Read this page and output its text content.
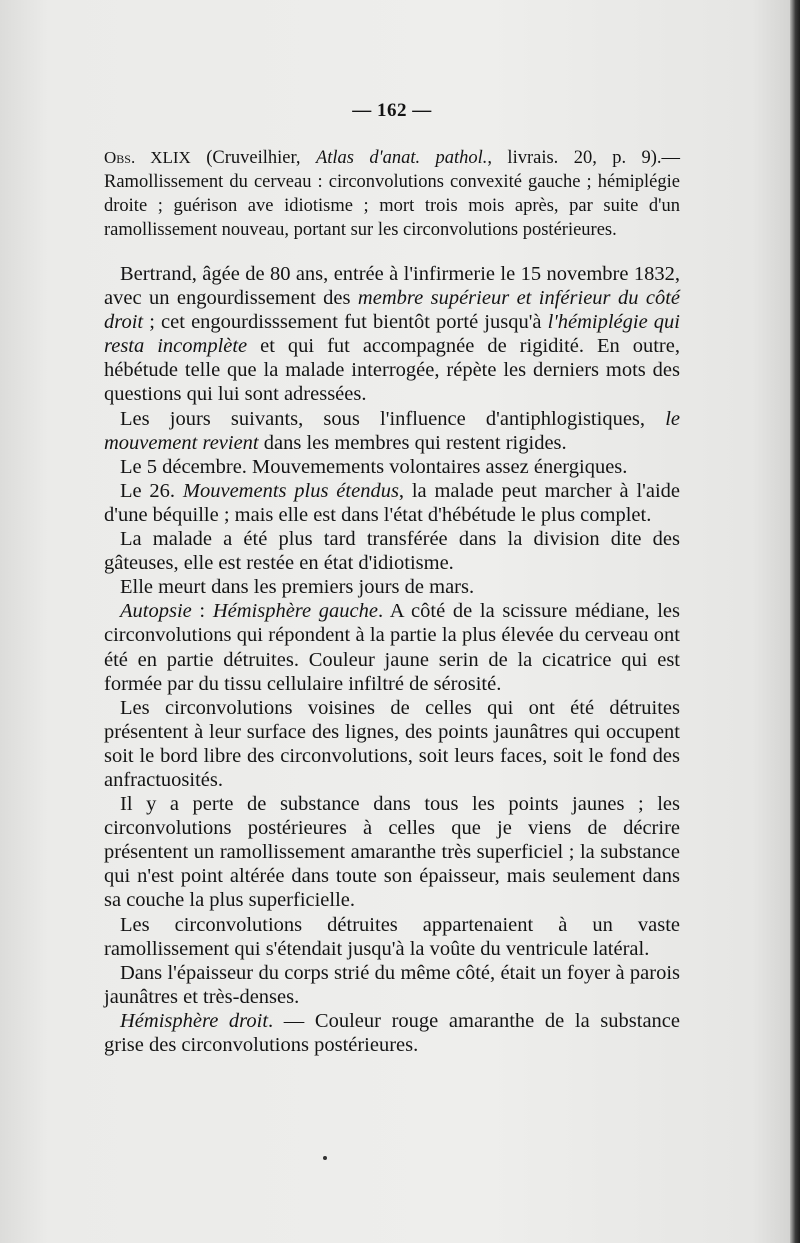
— 162 —
Obs. XLIX (Cruveilhier, Atlas d'anat. pathol., livrais. 20, p. 9).—Ramollissement du cerveau : circonvolutions convexité gauche ; hémiplégie droite ; guérison ave idiotisme ; mort trois mois après, par suite d'un ramollissement nouveau, portant sur les circonvolutions postérieures.

Bertrand, âgée de 80 ans, entrée à l'infirmerie le 15 novembre 1832, avec un engourdissement des membre supérieur et inférieur du côté droit ; cet engourdisssement fut bientôt porté jusqu'à l'hémiplégie qui resta incomplète et qui fut accompagnée de rigidité. En outre, hébétude telle que la malade interrogée, répète les derniers mots des questions qui lui sont adressées.

Les jours suivants, sous l'influence d'antiphlogistiques, le mouvement revient dans les membres qui restent rigides.

Le 5 décembre. Mouvemements volontaires assez énergiques.

Le 26. Mouvements plus étendus, la malade peut marcher à l'aide d'une béquille ; mais elle est dans l'état d'hébétude le plus complet.

La malade a été plus tard transférée dans la division dite des gâteuses, elle est restée en état d'idiotisme.

Elle meurt dans les premiers jours de mars.

Autopsie : Hémisphère gauche. A côté de la scissure médiane, les circonvolutions qui répondent à la partie la plus élevée du cerveau ont été en partie détruites. Couleur jaune serin de la cicatrice qui est formée par du tissu cellulaire infiltré de sérosité.

Les circonvolutions voisines de celles qui ont été détruites présentent à leur surface des lignes, des points jaunâtres qui occupent soit le bord libre des circonvolutions, soit leurs faces, soit le fond des anfractuosités.

Il y a perte de substance dans tous les points jaunes ; les circonvolutions postérieures à celles que je viens de décrire présentent un ramollissement amaranthe très superficiel ; la substance qui n'est point altérée dans toute son épaisseur, mais seulement dans sa couche la plus superficielle.

Les circonvolutions détruites appartenaient à un vaste ramollissement qui s'étendait jusqu'à la voûte du ventricule latéral.

Dans l'épaisseur du corps strié du même côté, était un foyer à parois jaunâtres et très-denses.

Hémisphère droit. — Couleur rouge amaranthe de la substance grise des circonvolutions postérieures.
